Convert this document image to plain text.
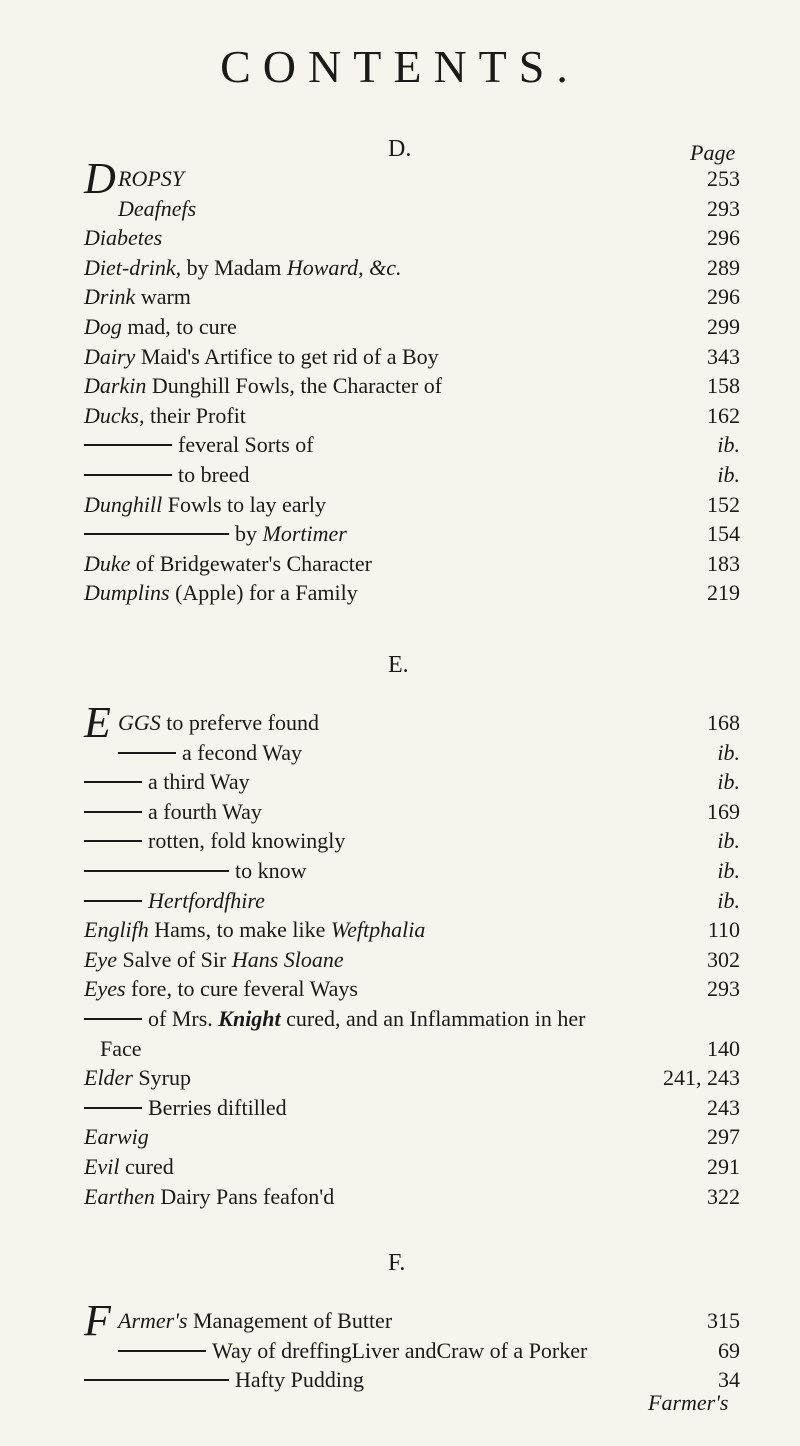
CONTENTS.
D.	Page
D ROPSY	253
Deafnefs	293
Diabetes	296
Diet-drink, by Madam Howard, &c.	289
Drink warm	296
Dog mad, to cure	299
Dairy Maid's Artifice to get rid of a Boy	343
Darkin Dunghill Fowls, the Character of	158
Ducks, their Profit	162
feveral Sorts of	ib.
to breed	ib.
Dunghill Fowls to lay early	152
by Mortimer	154
Duke of Bridgewater's Character	183
Dumplins (Apple) for a Family	219
E.
E GGS to preferve found	168
a fecond Way	ib.
a third Way	ib.
a fourth Way	169
rotten, fold knowingly	ib.
to know	ib.
Hertfordfhire	ib.
Englifh Hams, to make like Weftphalia	110
Eye Salve of Sir Hans Sloane	302
Eyes fore, to cure feveral Ways	293
of Mrs. Knight cured, and an Inflammation in her
Face	140
Elder Syrup	241, 243
Berries diftilled	243
Earwig	297
Evil cured	291
Earthen Dairy Pans feafon'd	322
F.
F Armer's Management of Butter	315
Way of dreffingLiver andCraw of a Porker	69
Hafty Pudding	34
Farmer's
